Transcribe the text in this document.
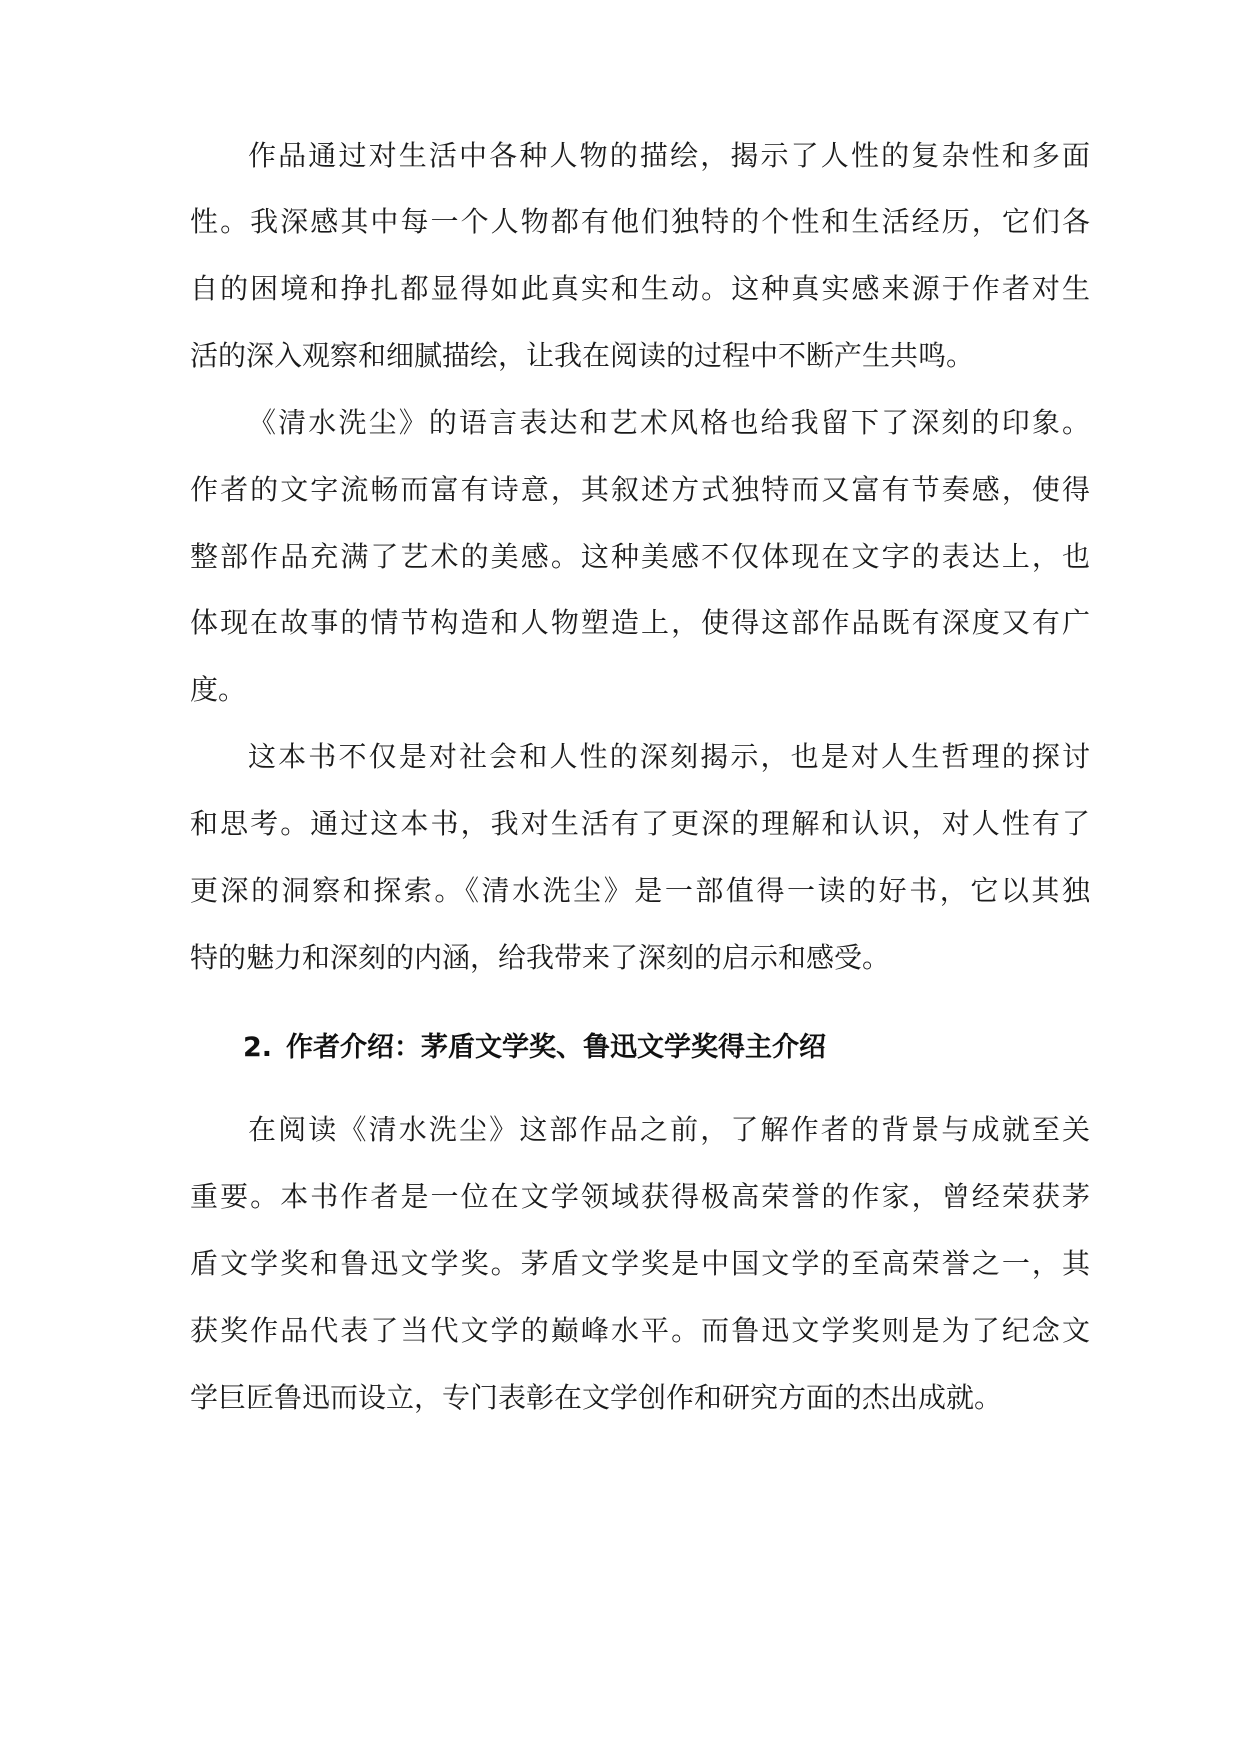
作品通过对生活中各种人物的描绘，揭示了人性的复杂性和多面
性。我深感其中每一个人物都有他们独特的个性和生活经历，它们各
自的困境和挣扎都显得如此真实和生动。这种真实感来源于作者对生
活的深入观察和细腻描绘，让我在阅读的过程中不断产生共鸣。
《清水洗尘》的语言表达和艺术风格也给我留下了深刻的印象。
作者的文字流畅而富有诗意，其叙述方式独特而又富有节奏感，使得
整部作品充满了艺术的美感。这种美感不仅体现在文字的表达上，也
体现在故事的情节构造和人物塑造上，使得这部作品既有深度又有广
度。
这本书不仅是对社会和人性的深刻揭示，也是对人生哲理的探讨
和思考。通过这本书，我对生活有了更深的理解和认识，对人性有了
更深的洞察和探索。《清水洗尘》是一部值得一读的好书，它以其独
特的魅力和深刻的内涵，给我带来了深刻的启示和感受。
2. 作者介绍：茅盾文学奖、鲁迅文学奖得主介绍
在阅读《清水洗尘》这部作品之前，了解作者的背景与成就至关
重要。本书作者是一位在文学领域获得极高荣誉的作家，曾经荣获茅
盾文学奖和鲁迅文学奖。茅盾文学奖是中国文学的至高荣誉之一，其
获奖作品代表了当代文学的巅峰水平。而鲁迅文学奖则是为了纪念文
学巨匠鲁迅而设立，专门表彰在文学创作和研究方面的杰出成就。
